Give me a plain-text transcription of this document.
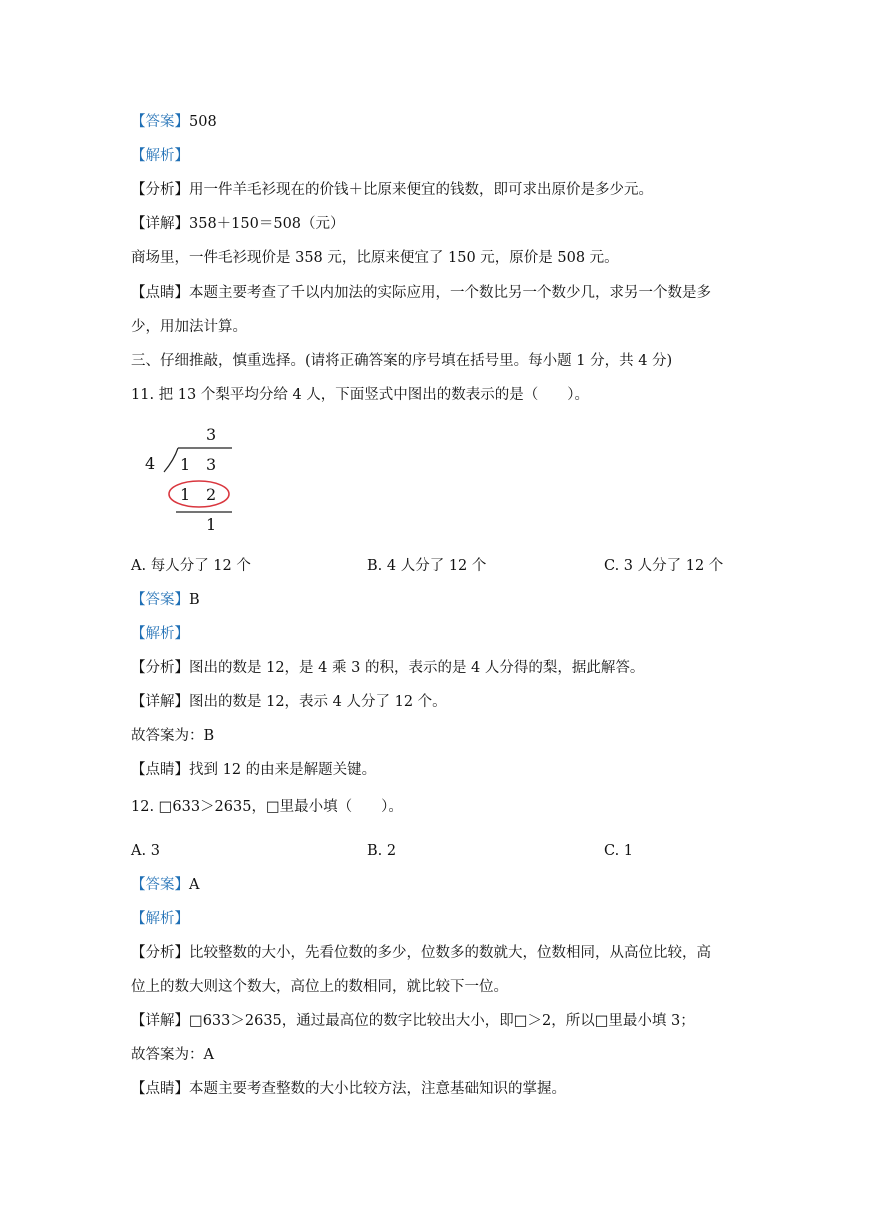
【答案】508
【解析】
【分析】用一件羊毛衫现在的价钱＋比原来便宜的钱数，即可求出原价是多少元。
【详解】358＋150＝508（元）
商场里，一件毛衫现价是 358 元，比原来便宜了 150 元，原价是 508 元。
【点睛】本题主要考查了千以内加法的实际应用，一个数比另一个数少几，求另一个数是多
少，用加法计算。
三、仔细推敲，慎重选择。(请将正确答案的序号填在括号里。每小题 1 分，共 4 分)
11. 把 13 个梨平均分给 4 人，下面竖式中图出的数表示的是（　　）。
3
4 1 3
1 2
1
A. 每人分了 12 个	B. 4 人分了 12 个	C. 3 人分了 12 个
【答案】B
【解析】
【分析】图出的数是 12，是 4 乘 3 的积，表示的是 4 人分得的梨，据此解答。
【详解】图出的数是 12，表示 4 人分了 12 个。
故答案为：B
【点睛】找到 12 的由来是解题关键。
12. □633＞2635，□里最小填（　　）。
A. 3	B. 2	C. 1
【答案】A
【解析】
【分析】比较整数的大小，先看位数的多少，位数多的数就大，位数相同，从高位比较，高
位上的数大则这个数大，高位上的数相同，就比较下一位。
【详解】□633＞2635，通过最高位的数字比较出大小，即□＞2，所以□里最小填 3；
故答案为：A
【点睛】本题主要考查整数的大小比较方法，注意基础知识的掌握。
